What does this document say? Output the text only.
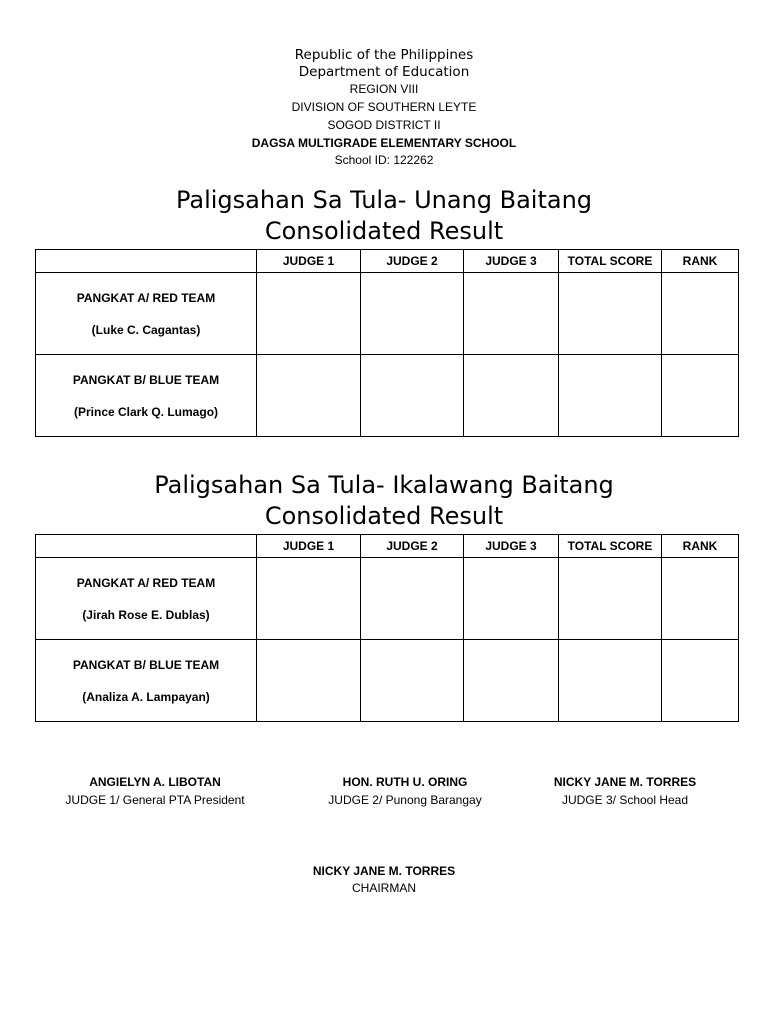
Republic of the Philippines
Department of Education
REGION VIII
DIVISION OF SOUTHERN LEYTE
SOGOD DISTRICT II
DAGSA MULTIGRADE ELEMENTARY SCHOOL
School ID: 122262
Paligsahan Sa Tula- Unang Baitang
Consolidated Result
	JUDGE 1	JUDGE 2	JUDGE 3	TOTAL SCORE	RANK

PANGKAT A/ RED TEAM
(Luke C. Cagantas)					

PANGKAT B/ BLUE TEAM
(Prince Clark Q. Lumago)					

Paligsahan Sa Tula- Ikalawang Baitang
Consolidated Result
	JUDGE 1	JUDGE 2	JUDGE 3	TOTAL SCORE	RANK

PANGKAT A/ RED TEAM
(Jirah Rose E. Dublas)					

PANGKAT B/ BLUE TEAM
(Analiza A. Lampayan)					

ANGIELYN A. LIBOTAN
JUDGE 1/ General PTA President
HON. RUTH U. ORING
JUDGE 2/ Punong Barangay
NICKY JANE M. TORRES
JUDGE 3/ School Head
NICKY JANE M. TORRES
CHAIRMAN
